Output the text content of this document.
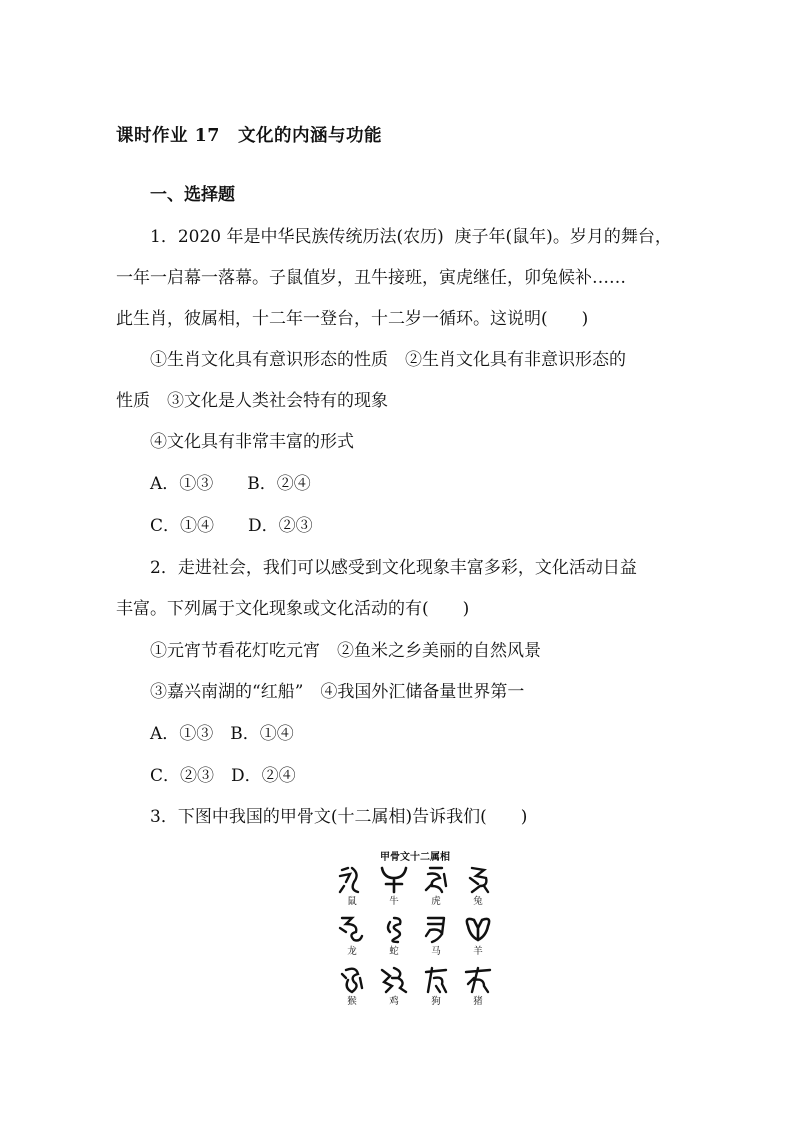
课时作业 17　文化的内涵与功能
一、选择题
1．2020 年是中华民族传统历法(农历)  庚子年(鼠年)。岁月的舞台，
一年一启幕一落幕。子鼠值岁，丑牛接班，寅虎继任，卯兔候补……
此生肖，彼属相，十二年一登台，十二岁一循环。这说明(　　)
①生肖文化具有意识形态的性质　②生肖文化具有非意识形态的
性质　③文化是人类社会特有的现象
④文化具有非常丰富的形式
A．①③　　B．②④
C．①④　　D．②③
2．走进社会，我们可以感受到文化现象丰富多彩，文化活动日益
丰富。下列属于文化现象或文化活动的有(　　)
①元宵节看花灯吃元宵　②鱼米之乡美丽的自然风景
③嘉兴南湖的“红船”　④我国外汇储备量世界第一
A．①③　B．①④
C．②③　D．②④
3．下图中我国的甲骨文(十二属相)告诉我们(　　)
甲骨文十二属相
鼠	牛	虎	兔
龙	蛇	马	羊
猴	鸡	狗	猪
